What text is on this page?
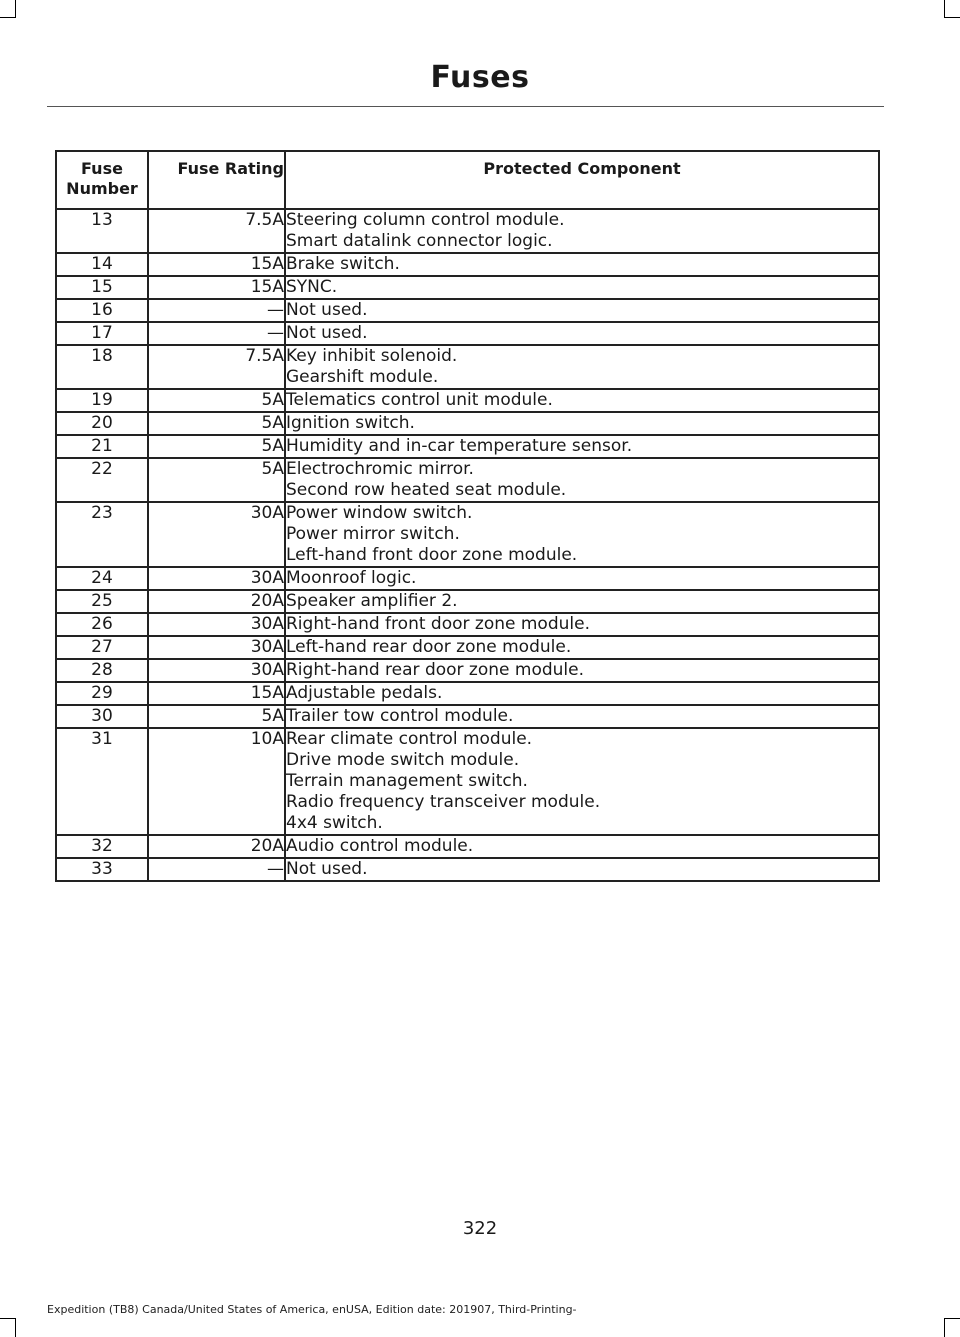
Fuses
Fuse Number	Fuse Rating	Protected Component
13	7.5A	Steering column control module.
Smart datalink connector logic.

14	15A	Brake switch.

15	15A	SYNC.

16	—	Not used.

17	—	Not used.

18	7.5A	Key inhibit solenoid.
Gearshift module.

19	5A	Telematics control unit module.

20	5A	Ignition switch.

21	5A	Humidity and in-car temperature sensor.

22	5A	Electrochromic mirror.
Second row heated seat module.

23	30A	Power window switch.
Power mirror switch.
Left-hand front door zone module.

24	30A	Moonroof logic.

25	20A	Speaker amplifier 2.

26	30A	Right-hand front door zone module.

27	30A	Left-hand rear door zone module.

28	30A	Right-hand rear door zone module.

29	15A	Adjustable pedals.

30	5A	Trailer tow control module.

31	10A	Rear climate control module.
Drive mode switch module.
Terrain management switch.
Radio frequency transceiver module.
4x4 switch.

32	20A	Audio control module.

33	—	Not used.
322
Expedition (TB8) Canada/United States of America, enUSA, Edition date: 201907, Third-Printing-
